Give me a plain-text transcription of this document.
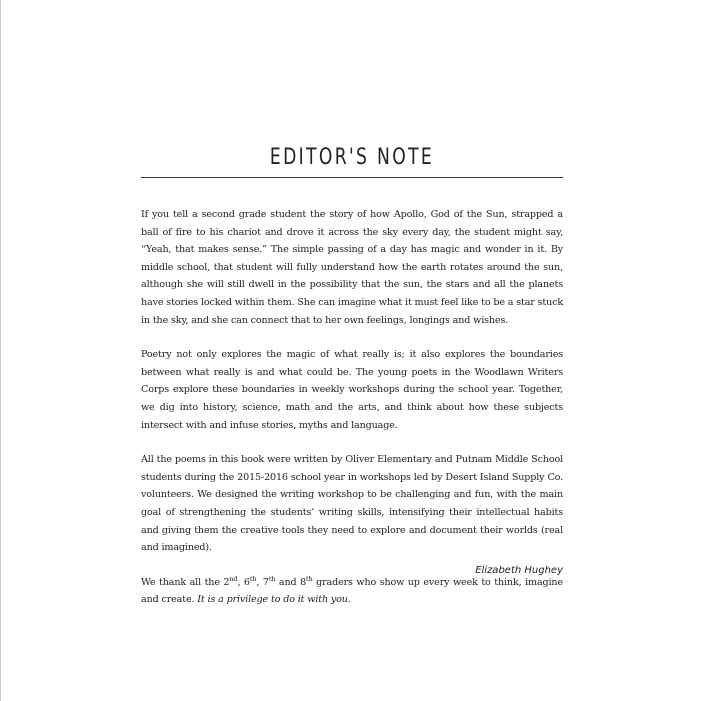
EDITOR'S NOTE

If you tell a second grade student the story of how Apollo, God of the Sun, strapped a ball of fire to his chariot and drove it across the sky every day, the student might say, “Yeah, that makes sense.” The simple passing of a day has magic and wonder in it. By middle school, that student will fully understand how the earth rotates around the sun, although she will still dwell in the possibility that the sun, the stars and all the planets have stories locked within them. She can imagine what it must feel like to be a star stuck in the sky, and she can connect that to her own feelings, longings and wishes.

Poetry not only explores the magic of what really is; it also explores the boundaries between what really is and what could be. The young poets in the Woodlawn Writers Corps explore these boundaries in weekly workshops during the school year. Together, we dig into history, science, math and the arts, and think about how these subjects intersect with and infuse stories, myths and language.

All the poems in this book were written by Oliver Elementary and Putnam Middle School students during the 2015-2016 school year in workshops led by Desert Island Supply Co. volunteers. We designed the writing workshop to be challenging and fun, with the main goal of strengthening the students’ writing skills, intensifying their intellectual habits and giving them the creative tools they need to explore and document their worlds (real and imagined).

We thank all the 2nd, 6th, 7th and 8th graders who show up every week to think, imagine and create. It is a privilege to do it with you.

Elizabeth Hughey
